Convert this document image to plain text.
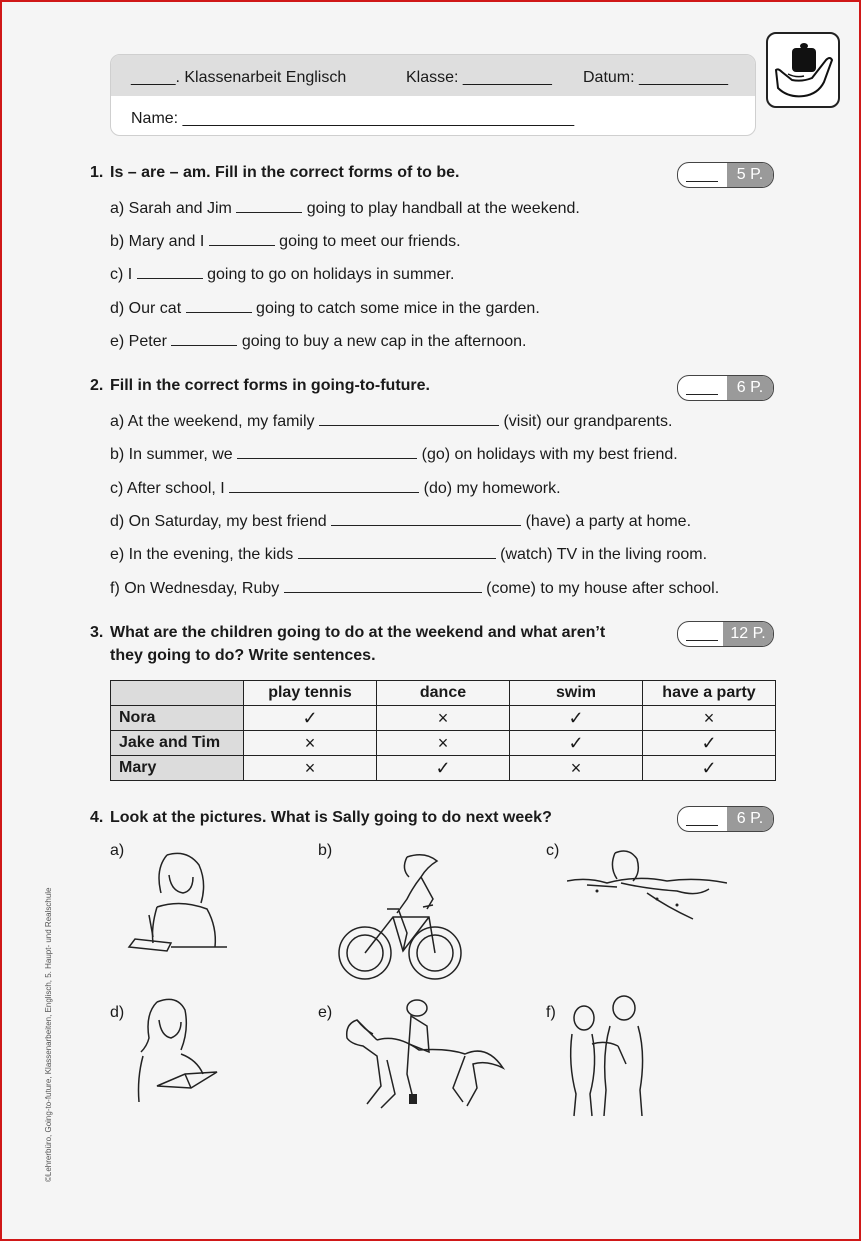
_____. Klassenarbeit Englisch	Klasse: __________ Datum: __________
Name: ____________________________________________
1. Is – are – am. Fill in the correct forms of to be.	5 P.
a) Sarah and Jim	going to play handball at the weekend.
b) Mary and I	going to meet our friends.
c) I	going to go on holidays in summer.
d) Our cat	going to catch some mice in the garden.
e) Peter	going to buy a new cap in the afternoon.
2. Fill in the correct forms in going-to-future.	6 P.
a) At the weekend, my family	(visit) our grandparents.
b) In summer, we	(go) on holidays with my best friend.
c) After school, I	(do) my homework.
d) On Saturday, my best friend	(have) a party at home.
e) In the evening, the kids	(watch) TV in the living room.
f) On Wednesday, Ruby	(come) to my house after school.
3. What are the children going to do at the weekend and what aren’t
they going to do? Write sentences.
12 P.
	play tennis	dance	swim	have a party
Nora	✓	×	✓	×
Jake and Tim	×	×	✓	✓
Mary	×	✓	×	✓
4. Look at the pictures. What is Sally going to do next week?	6 P.
a)	b)	c)
d)	e)	f)
©Lehrerbüro, Going-to-future, Klassenarbeiten, Englisch, 5. Haupt- und Realschule
